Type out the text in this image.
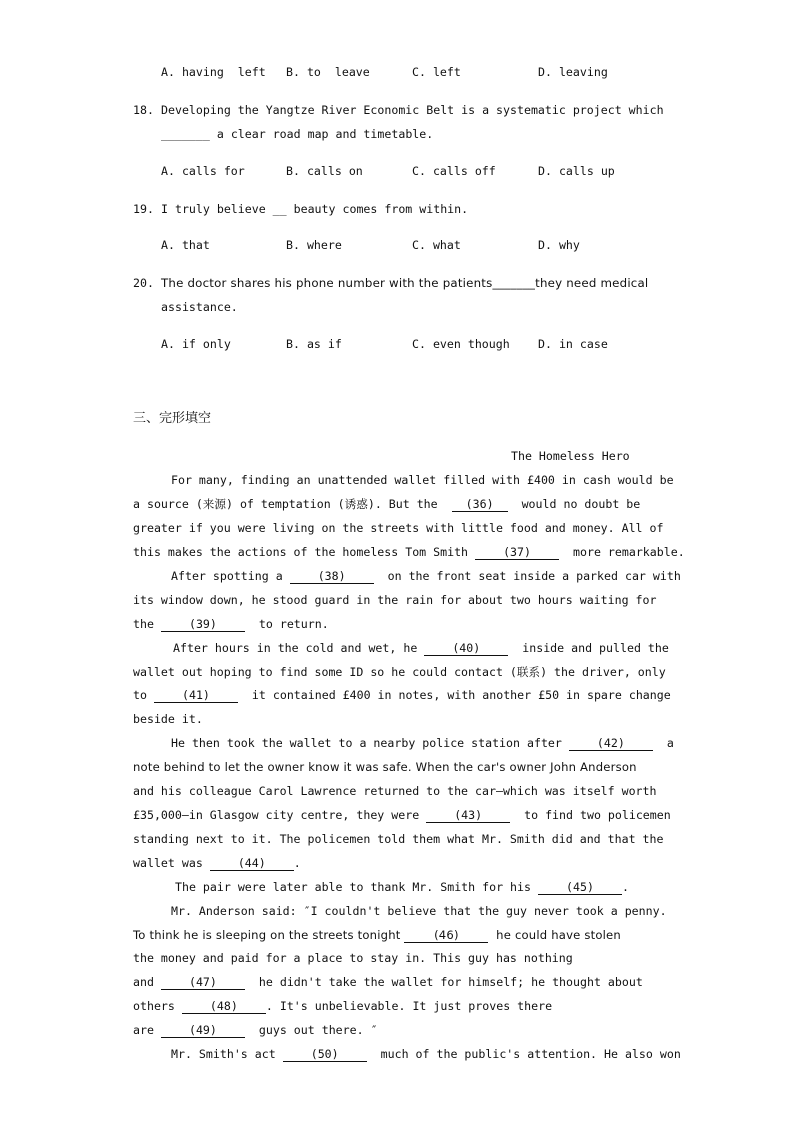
A. having  left B. to  leave	C. left	D. leaving
18. Developing the Yangtze River Economic Belt is a systematic project which
_______ a clear road map and timetable.
A. calls for	B. calls on	C. calls off	D. calls up
19. I truly believe __ beauty comes from within.
A. that	B. where	C. what	D. why
20. The doctor shares his phone number with the patients_______they need medical
assistance.
A. if only	B. as if	C. even though D. in case
三、完形填空
The Homeless Hero
For many, finding an unattended wallet filled with £400 in cash would be
a source (来源) of temptation (诱惑). But the (36) would no doubt be
greater if you were living on the streets with little food and money. All of
this makes the actions of the homeless Tom Smith	(37)	more remarkable.
After spotting a	(38)	on the front seat inside a parked car with
its window down, he stood guard in the rain for about two hours waiting for
the	(39)	to return.
After hours in the cold and wet, he	(40)	inside and pulled the
wallet out hoping to find some ID so he could contact (联系) the driver, only
to	(41)	it contained £400 in notes, with another £50 in spare change
beside it.
He then took the wallet to a nearby police station after	(42)	a
note behind to let the owner know it was safe. When the car's owner John Anderson
and his colleague Carol Lawrence returned to the car—which was itself worth
£35,000—in Glasgow city centre, they were	(43)	to find two policemen
standing next to it. The policemen told them what Mr. Smith did and that the
wallet was	(44) .
The pair were later able to thank Mr. Smith for his	(45) .
Mr. Anderson said: ″I couldn't believe that the guy never took a penny.
To think he is sleeping on the streets tonight	(46)	he could have stolen
the money and paid for a place to stay in. This guy has nothing
and	(47)	he didn't take the wallet for himself; he thought about
others	(48) . It's unbelievable. It just proves there
are	(49)	guys out there. ″
Mr. Smith's act	(50)	much of the public's attention. He also won
